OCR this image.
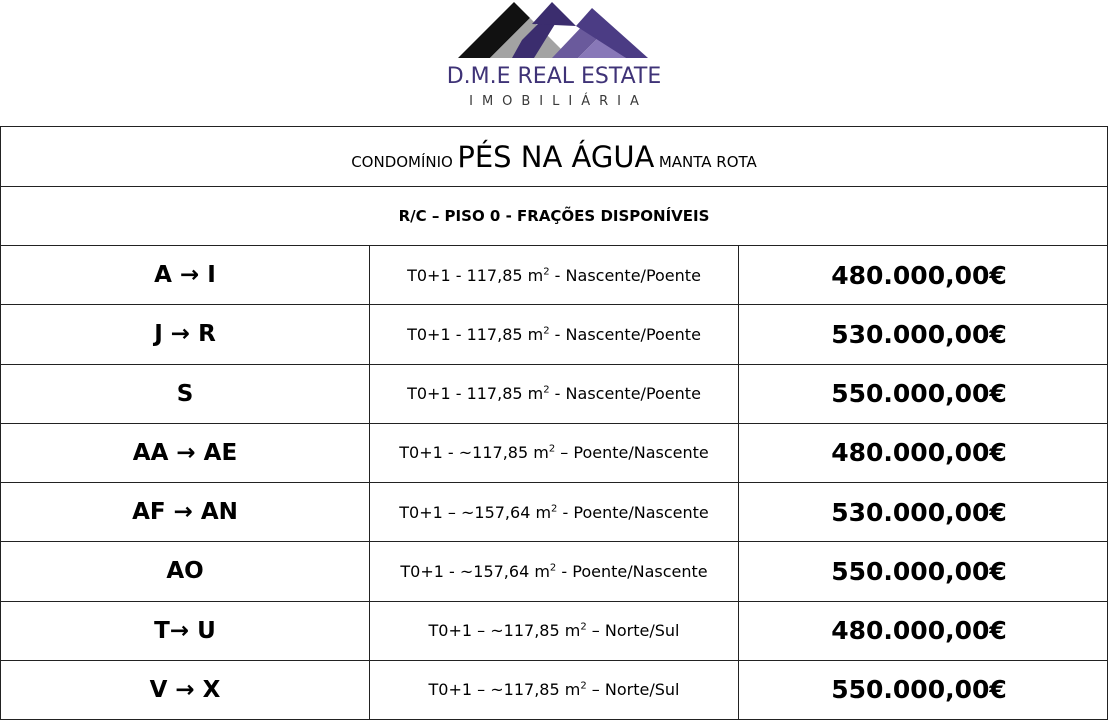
D.M.E REAL ESTATE
IMOBILIÁRIA
CONDOMÍNIO PÉS NA ÁGUA MANTA ROTA		
R/C – PISO 0 - FRAÇÕES DISPONÍVEIS		
A → I	T0+1 - 117,85 $m^2$ - Nascente/Poente	480.000,00€
J → R	T0+1 - 117,85 $m^2$ - Nascente/Poente	530.000,00€
S	T0+1 - 117,85 $m^2$ - Nascente/Poente	550.000,00€
AA → AE	T0+1 - ~117,85 $m^2$ – Poente/Nascente	480.000,00€
AF → AN	T0+1 – ~157,64 $m^2$ - Poente/Nascente	530.000,00€
AO	T0+1 - ~157,64 $m^2$ - Poente/Nascente	550.000,00€
T→ U	T0+1 – ~117,85 $m^2$ – Norte/Sul	480.000,00€
V → X	T0+1 – ~117,85 $m^2$ – Norte/Sul	550.000,00€
